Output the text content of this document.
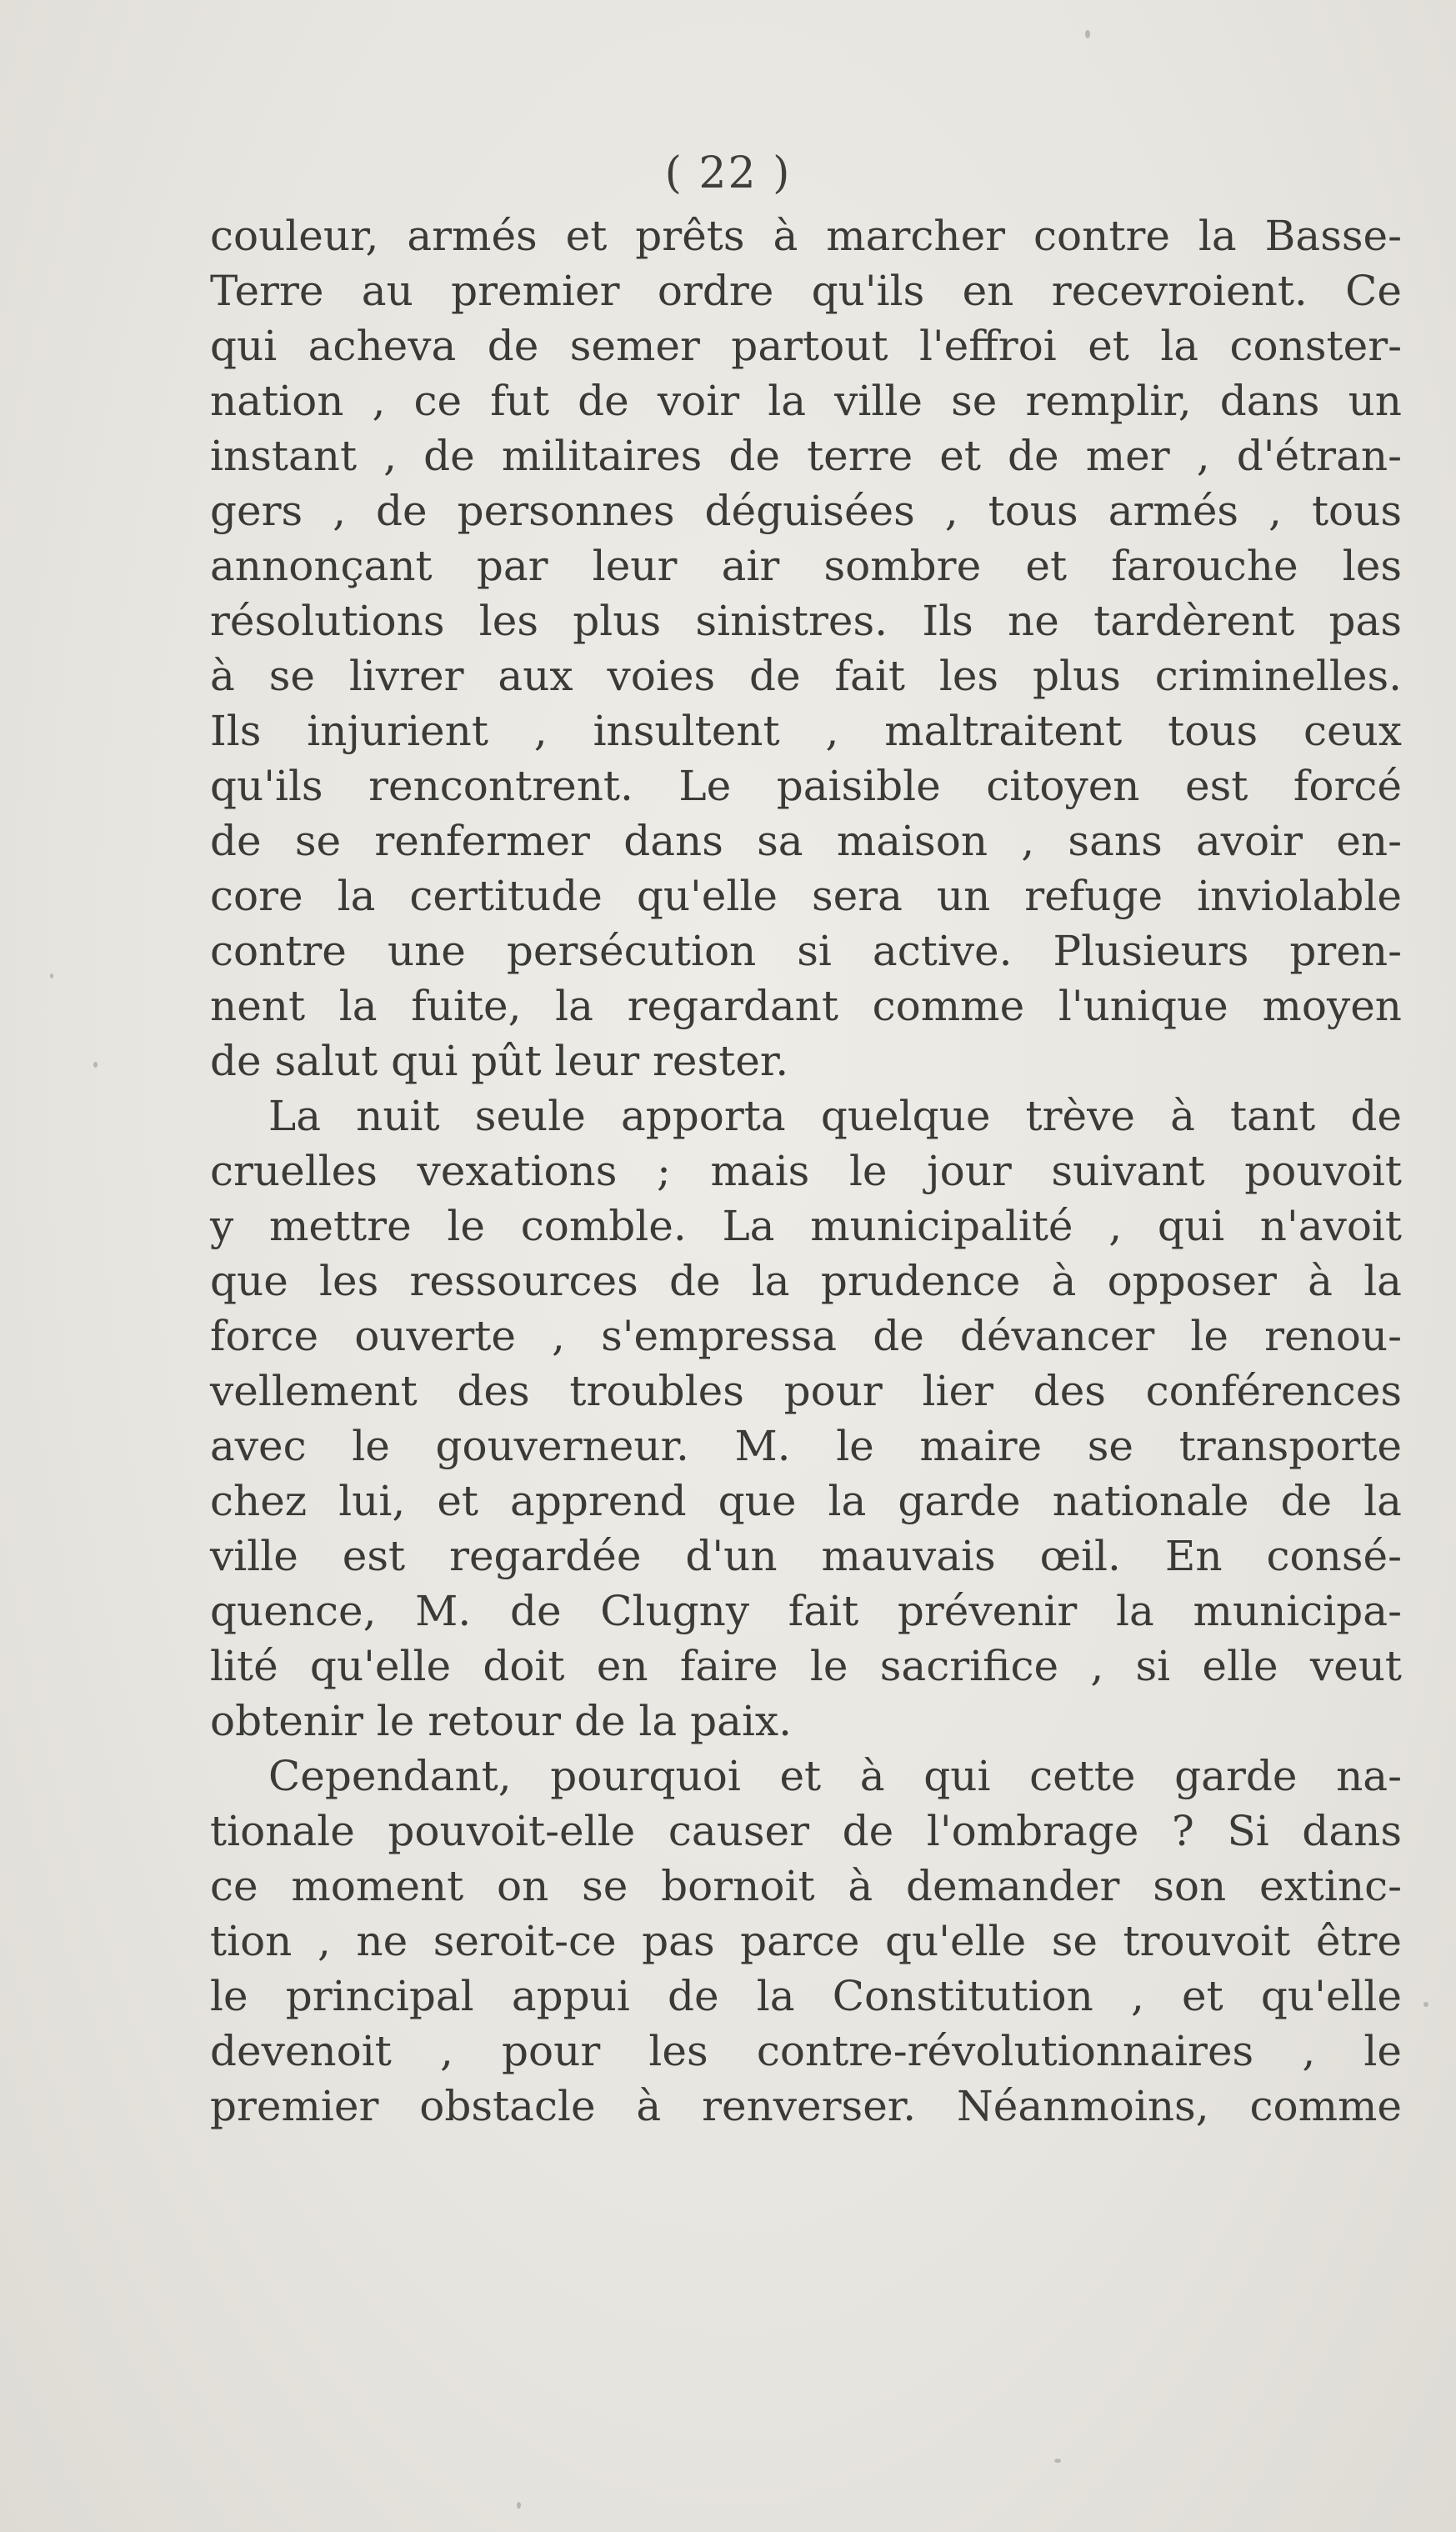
( 22 )
couleur, armés et prêts à marcher contre la Basse-
Terre au premier ordre qu'ils en recevroient. Ce
qui acheva de semer partout l'effroi et la conster-
nation , ce fut de voir la ville se remplir, dans un
instant , de militaires de terre et de mer , d'étran-
gers , de personnes déguisées , tous armés , tous
annonçant par leur air sombre et farouche les
résolutions les plus sinistres. Ils ne tardèrent pas
à se livrer aux voies de fait les plus criminelles.
Ils injurient , insultent , maltraitent tous ceux
qu'ils rencontrent. Le paisible citoyen est forcé
de se renfermer dans sa maison , sans avoir en-
core la certitude qu'elle sera un refuge inviolable
contre une persécution si active. Plusieurs pren-
nent la fuite, la regardant comme l'unique moyen
de salut qui pût leur rester.
La nuit seule apporta quelque trève à tant de
cruelles vexations ; mais le jour suivant pouvoit
y mettre le comble. La municipalité , qui n'avoit
que les ressources de la prudence à opposer à la
force ouverte , s'empressa de dévancer le renou-
vellement des troubles pour lier des conférences
avec le gouverneur. M. le maire se transporte
chez lui, et apprend que la garde nationale de la
ville est regardée d'un mauvais œil. En consé-
quence, M. de Clugny fait prévenir la municipa-
lité qu'elle doit en faire le sacrifice , si elle veut
obtenir le retour de la paix.
Cependant, pourquoi et à qui cette garde na-
tionale pouvoit-elle causer de l'ombrage ? Si dans
ce moment on se bornoit à demander son extinc-
tion , ne seroit-ce pas parce qu'elle se trouvoit être
le principal appui de la Constitution , et qu'elle
devenoit , pour les contre-révolutionnaires , le
premier obstacle à renverser. Néanmoins, comme
